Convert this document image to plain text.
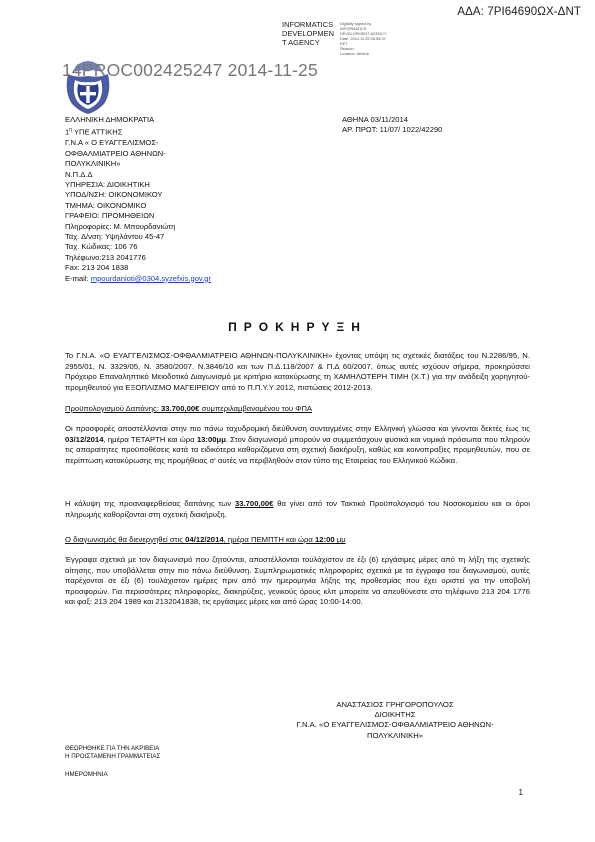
ΑΔΑ: 7ΡΙ64690ΩΧ-ΔΝΤ
INFORMATICS
DEVELOPMEN
T AGENCY
Digitally signed by
INFORMATICS
DEVELOPMENT AGENCY
Date: 2014.11.25 08:58:37
EET
Reason:
Location: Athens
14PROC002425247 2014-11-25
ΕΛΛΗΝΙΚΗ ΔΗΜΟΚΡΑΤΙΑ
$1^\eta$ ΥΠΕ ΑΤΤΙΚΗΣ
Γ.Ν.Α « Ο ΕΥΑΓΓΕΛΙΣΜΟΣ-
ΟΦΘΑΛΜΙΑΤΡΕΙΟ ΑΘΗΝΩΝ-
ΠΟΛΥΚΛΙΝΙΚΗ»
Ν.Π.Δ.Δ
ΥΠΗΡΕΣΙΑ: ΔΙΟΙΚΗΤΙΚΗ
ΥΠΟΔ/ΝΣΗ: ΟΙΚΟΝΟΜΙΚΟΥ
ΤΜΗΜΑ: ΟΙΚΟΝΟΜΙΚΟ
ΓΡΑΦΕΙΟ: ΠΡΟΜΗΘΕΙΩΝ
Πληροφορίες: Μ. Μπουρδανιώτη
Ταχ. Δ/νση: Υψηλάντου 45-47
Ταχ. Κώδικας: 106 76
Τηλέφωνο:213 2041776
Fax: 213 204 1838
E-mail: mpourdanioti@0304.syzefxis.gov.gr
ΑΘΗΝΑ 03/11/2014
ΑΡ. ΠΡΩΤ: 11/07/ 1022/42290
ΠΡΟΚΗΡΥΞΗ

Το Γ.Ν.Α. «Ο ΕΥΑΓΓΕΛΙΣΜΟΣ-ΟΦΘΑΛΜΙΑΤΡΕΙΟ ΑΘΗΝΩΝ-ΠΟΛΥΚΛΙΝΙΚΗ» έχοντας υπόψη τις σχετικές διατάξεις του Ν.2286/95, Ν. 2955/01, Ν. 3329/05, Ν. 3580/2007. Ν.3846/10 και των Π.Δ.118/2007 & Π.Δ 60/2007, όπως αυτές ισχύουν σήμερα, προκηρύσσει Πρόχειρο Επαναληπτικό Μειοδοτικό Διαγωνισμό με κριτήριο κατακύρωσης τη ΧΑΜΗΛΟΤΕΡΗ ΤΙΜΗ (Χ.Τ.) για την ανάδειξη χορηγητού-προμηθευτού για ΕΞΟΠΛΙΣΜΟ ΜΑΓΕΙΡΕΙΟΥ από το Π.Π.Υ.Υ 2012, πιστώσεις 2012-2013.

Προϋπολογισμού Δαπάνης: 33.700,00€ συμπεριλαμβανομένου του ΦΠΑ

Οι προσφορές αποστέλλονται στην πιο πάνω ταχυδρομική διεύθυνση συνταγμένες στην Ελληνική γλώσσα και γίνονται δεκτές έως τις 03/12/2014, ημέρα ΤΕΤΑΡΤΗ και ώρα 13:00μμ. Στον διαγωνισμό μπορούν να συμμετάσχουν φυσικά και νομικά πρόσωπα που πληρούν τις απαραίτητες προϋποθέσεις κατά τα ειδικότερα καθοριζόμενα στη σχετική διακήρυξη, καθώς και κοινοπραξίες προμηθευτών, που σε περίπτωση κατακύρωσης της προμήθειας σ' αυτές να περιβληθούν στον τύπο της Εταιρείας του Ελληνικού Κώδικα.

Η κάλυψη της προαναφερθείσας δαπάνης των 33.700,00€ θα γίνει από τον Τακτικό Προϋπολογισμό του Νοσοκομείου και οι όροι πληρωμής καθορίζονται στη σχετική διακήρυξη.

Ο διαγωνισμός θα διενεργηθεί στις 04/12/2014, ημέρα ΠΕΜΠΤΗ και ώρα 12:00 μμ

Έγγραφα σχετικά με τον διαγωνισμό που ζητούνται, αποστέλλονται τουλάχιστον σε έξι (6) εργάσιμες μέρες από τη λήξη της σχετικής αίτησης, που υποβάλλεται στην πιο πάνω διεύθυνση. Συμπληρωματικές πληροφορίες σχετικά με τα έγγραφα του διαγωνισμού, αυτές παρέχονται σε έξι (6) τουλάχιστον ημέρες πριν από την ημερομηνία λήξης της προθεσμίας που έχει οριστεί για την υποβολή προσφορών. Για περισσότερες πληροφορίες, διακηρύξεις, γενικούς όρους κλπ μπορείτε να απευθύνεστε στο τηλέφωνο 213 204 1776 και φαξ: 213 204 1989 και 2132041838, τις εργάσιμες μέρες και από ώρας 10:00-14:00.

ΑΝΑΣΤΑΣΙΟΣ ΓΡΗΓΟΡΟΠΟΥΛΟΣ
ΔΙΟΙΚΗΤΗΣ
Γ.Ν.Α. «Ο ΕΥΑΓΓΕΛΙΣΜΟΣ-ΟΦΘΑΛΜΙΑΤΡΕΙΟ ΑΘΗΝΩΝ-
ΠΟΛΥΚΛΙΝΙΚΗ»
ΘΕΩΡΗΘΗΚΕ ΓΙΑ ΤΗΝ ΑΚΡΙΒΕΙΑ
Η ΠΡΟΙΣΤΑΜΕΝΗ ΓΡΑΜΜΑΤΕΙΑΣ
ΗΜΕΡΟΜΗΝΙΑ
1
